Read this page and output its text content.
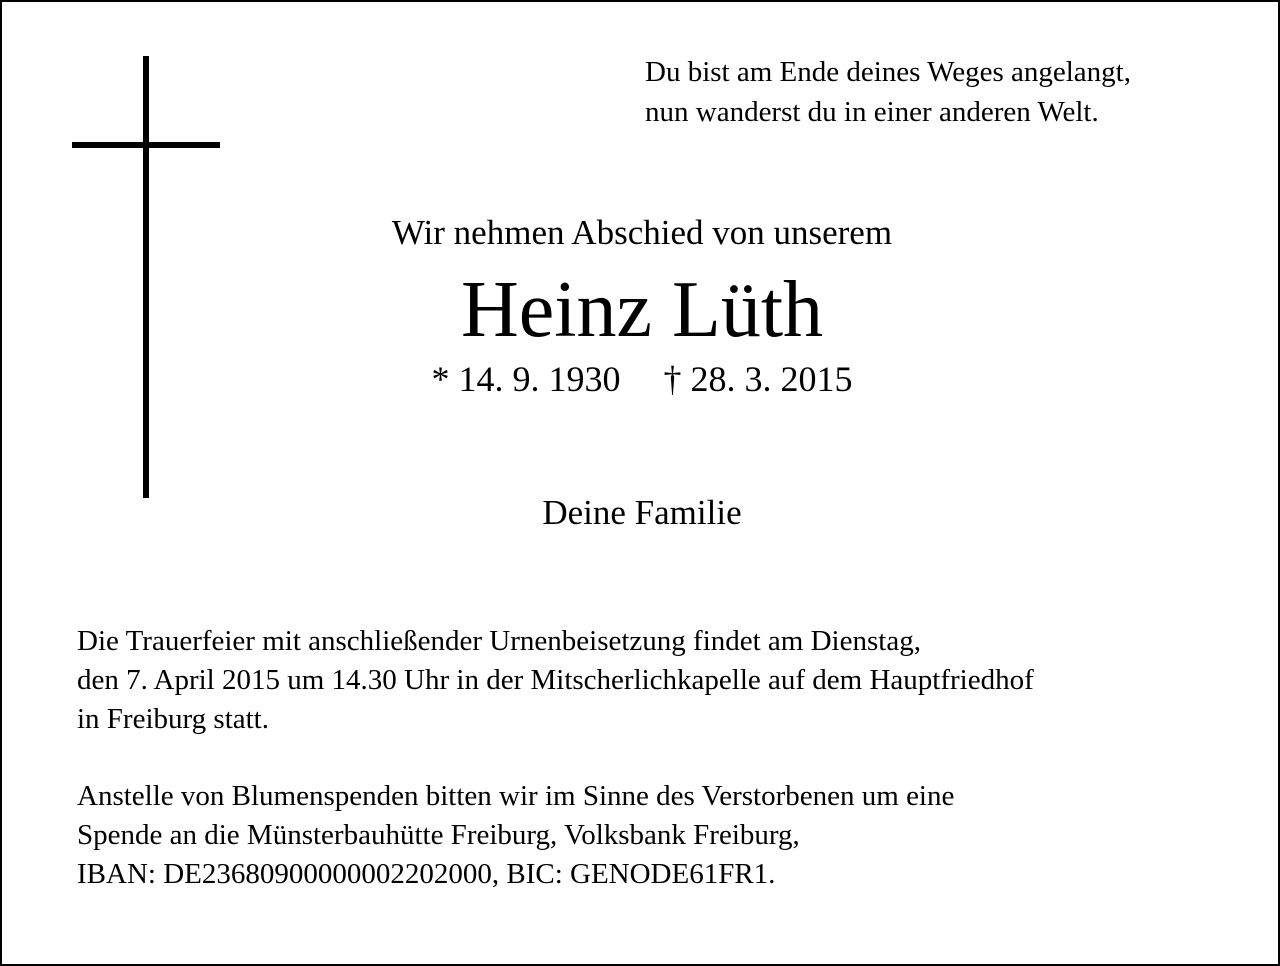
Du bist am Ende deines Weges angelangt,
nun wanderst du in einer anderen Welt.
Wir nehmen Abschied von unserem
Heinz Lüth
* 14. 9. 1930 † 28. 3. 2015
Deine Familie
Die Trauerfeier mit anschließender Urnenbeisetzung findet am Dienstag,
den 7. April 2015 um 14.30 Uhr in der Mitscherlichkapelle auf dem Hauptfriedhof
in Freiburg statt.
Anstelle von Blumenspenden bitten wir im Sinne des Verstorbenen um eine
Spende an die Münsterbauhütte Freiburg, Volksbank Freiburg,
IBAN: DE23680900000002202000, BIC: GENODE61FR1.
